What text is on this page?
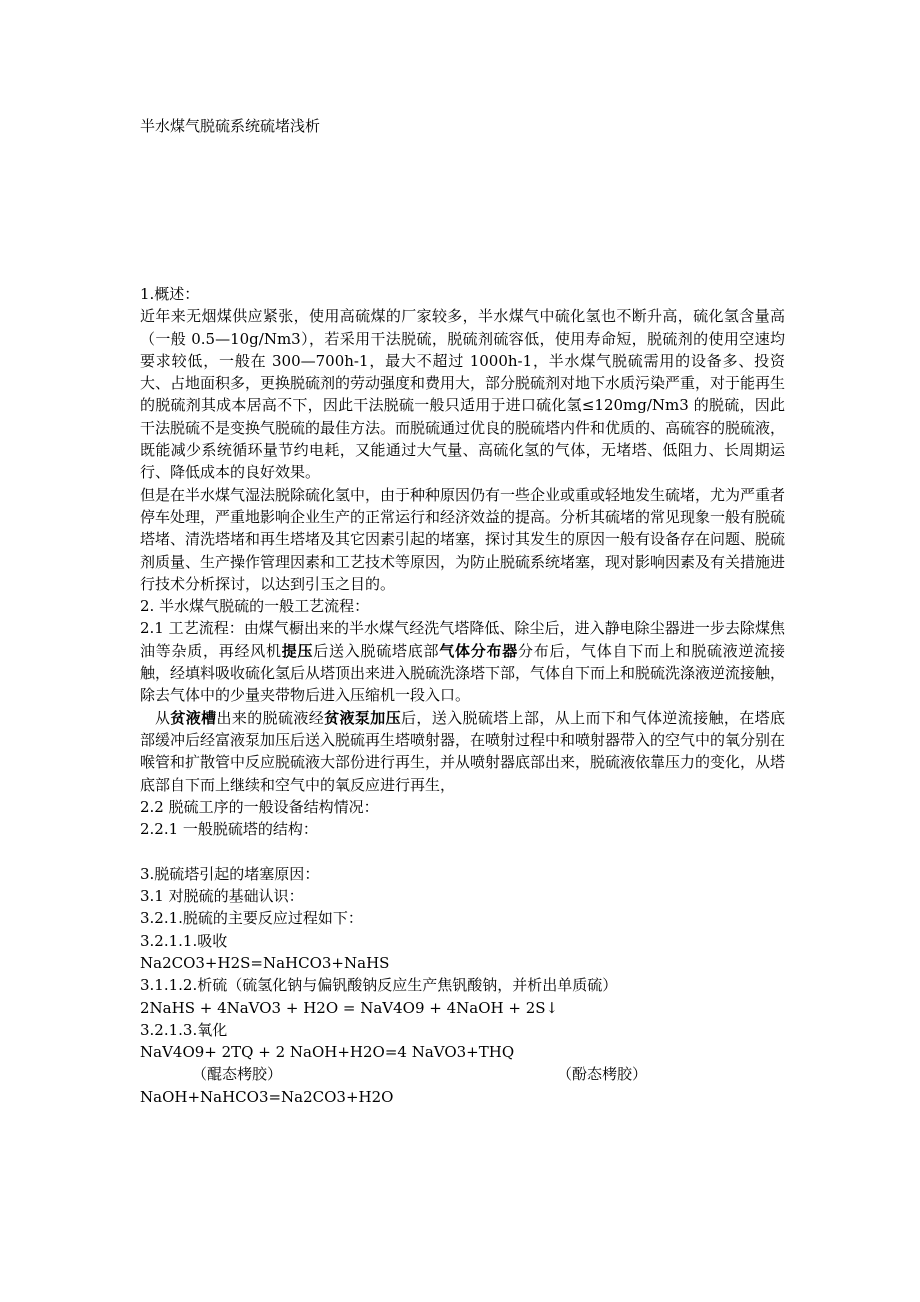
半水煤气脱硫系统硫堵浅析

1.概述：

近年来无烟煤供应紧张，使用高硫煤的厂家较多，半水煤气中硫化氢也不断升高，硫化氢含量高（一般 0.5—10g/Nm3），若采用干法脱硫，脱硫剂硫容低，使用寿命短，脱硫剂的使用空速均要求较低，一般在 300—700h-1，最大不超过 1000h-1，半水煤气脱硫需用的设备多、投资大、占地面积多，更换脱硫剂的劳动强度和费用大，部分脱硫剂对地下水质污染严重，对于能再生的脱硫剂其成本居高不下，因此干法脱硫一般只适用于进口硫化氢≤120mg/Nm3 的脱硫，因此干法脱硫不是变换气脱硫的最佳方法。而脱硫通过优良的脱硫塔内件和优质的、高硫容的脱硫液，既能减少系统循环量节约电耗，又能通过大气量、高硫化氢的气体，无堵塔、低阻力、长周期运行、降低成本的良好效果。

但是在半水煤气湿法脱除硫化氢中，由于种种原因仍有一些企业或重或轻地发生硫堵，尤为严重者　停车处理，严重地影响企业生产的正常运行和经济效益的提高。分析其硫堵的常见现象一般有脱硫塔堵、清洗塔堵和再生塔堵及其它因素引起的堵塞，探讨其发生的原因一般有设备存在问题、脱硫剂质量、生产操作管理因素和工艺技术等原因，为防止脱硫系统堵塞，现对影响因素及有关措施进行技术分析探讨，以达到引玉之目的。

2. 半水煤气脱硫的一般工艺流程：

2.1 工艺流程：由煤气橱出来的半水煤气经洗气塔降低、除尘后，进入静电除尘器进一步去除煤焦油等杂质，再经风机提压后送入脱硫塔底部气体分布器分布后，气体自下而上和脱硫液逆流接触，经填料吸收硫化氢后从塔顶出来进入脱硫洗涤塔下部，气体自下而上和脱硫洗涤液逆流接触，除去气体中的少量夹带物后进入压缩机一段入口。

从贫液槽出来的脱硫液经贫液泵加压后，送入脱硫塔上部，从上而下和气体逆流接触，在塔底部缓冲后经富液泵加压后送入脱硫再生塔喷射器，在喷射过程中和喷射器带入的空气中的氧分别在喉管和扩散管中反应脱硫液大部份进行再生，并从喷射器底部出来，脱硫液依靠压力的变化，从塔底部自下而上继续和空气中的氧反应进行再生，

2.2 脱硫工序的一般设备结构情况：

2.2.1 一般脱硫塔的结构：

3.脱硫塔引起的堵塞原因：

3.1 对脱硫的基础认识：

3.2.1.脱硫的主要反应过程如下：

3.2.1.1.吸收

Na2CO3+H2S=NaHCO3+NaHS

3.1.1.2.析硫（硫氢化钠与偏钒酸钠反应生产焦钒酸钠，并析出单质硫）

2NaHS + 4NaVO3 + H2O = NaV4O9 + 4NaOH + 2S↓

3.2.1.3.氧化

NaV4O9+ 2TQ + 2 NaOH+H2O=4 NaVO3+THQ

（醌态栲胶）	（酚态栲胶）

NaOH+NaHCO3=Na2CO3+H2O
